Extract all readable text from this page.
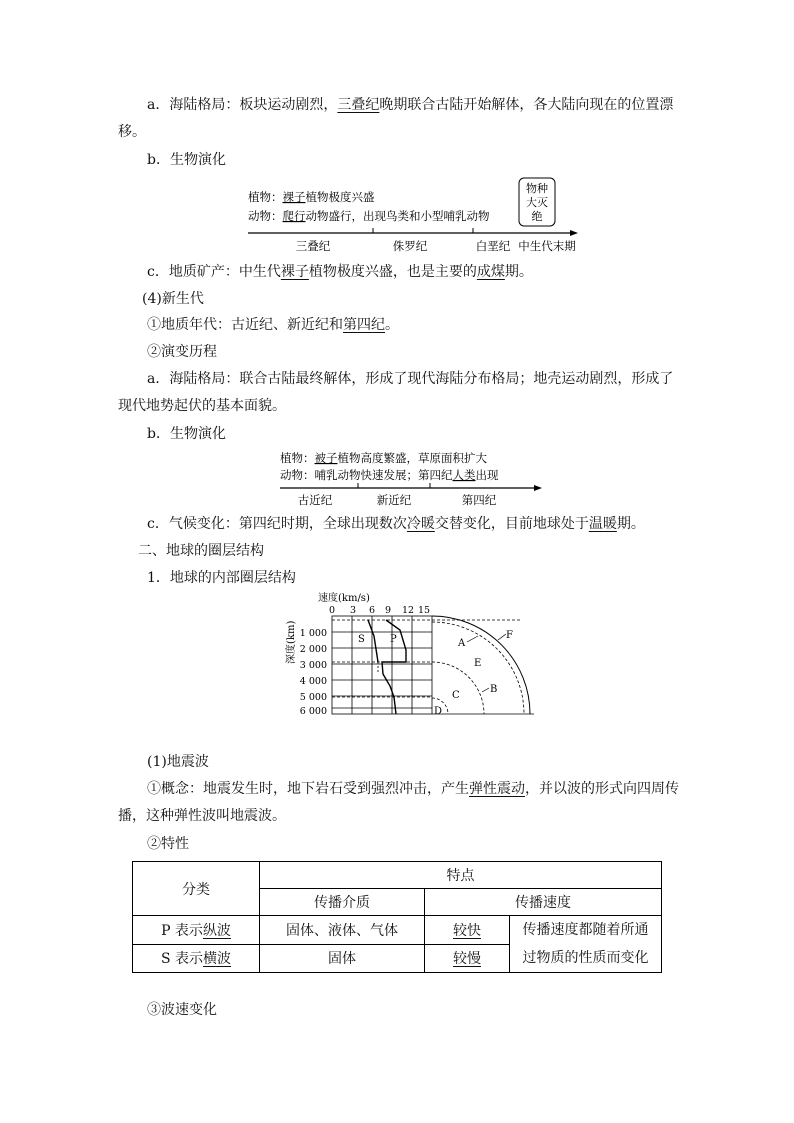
a．海陆格局：板块运动剧烈，三叠纪晚期联合古陆开始解体，各大陆向现在的位置漂
移。
b．生物演化
植物：裸子植物极度兴盛
动物：爬行动物盛行，出现鸟类和小型哺乳动物
物种
大灭
绝
三叠纪	侏罗纪	白垩纪 中生代末期
c．地质矿产：中生代裸子植物极度兴盛，也是主要的成煤期。
(4)新生代
①地质年代：古近纪、新近纪和第四纪。
②演变历程
a．海陆格局：联合古陆最终解体，形成了现代海陆分布格局；地壳运动剧烈，形成了
现代地势起伏的基本面貌。
b．生物演化
植物：被子植物高度繁盛，草原面积扩大
动物：哺乳动物快速发展；第四纪人类出现
古近纪	新近纪	第四纪
c．气候变化：第四纪时期，全球出现数次冷暖交替变化，目前地球处于温暖期。
二、地球的圈层结构
1．地球的内部圈层结构
速度(km/s)
0 3 6 9 12 15
深度(km) 1 000
2 000
3 000
4 000
5 000
6 000
S	P	A
B
C
D
E
F
(1)地震波
①概念：地震发生时，地下岩石受到强烈冲击，产生弹性震动，并以波的形式向四周传
播，这种弹性波叫地震波。
②特性
分类	特点		
	传播介质	传播速度	
P 表示纵波	固体、液体、气体	较快	传播速度都随着所通
过物质的性质而变化
S 表示横波	固体	较慢	
③波速变化
